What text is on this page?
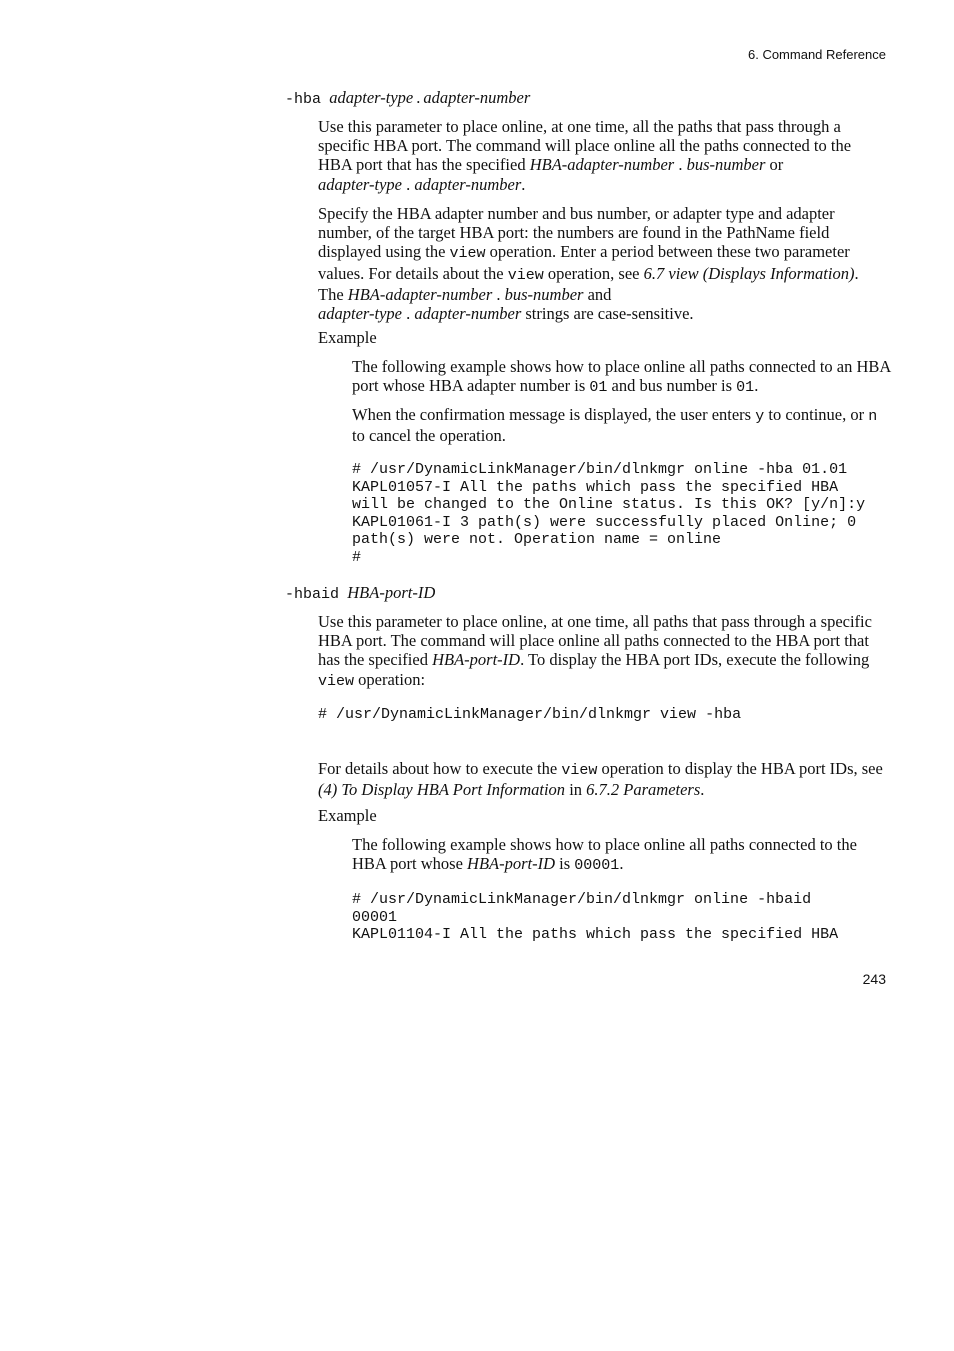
6. Command Reference
-hba adapter-type . adapter-number
Use this parameter to place online, at one time, all the paths that pass through a specific HBA port. The command will place online all the paths connected to the HBA port that has the specified HBA-adapter-number . bus-number or
adapter-type . adapter-number.
Specify the HBA adapter number and bus number, or adapter type and adapter number, of the target HBA port: the numbers are found in the PathName field displayed using the view operation. Enter a period between these two parameter values. For details about the view operation, see 6.7 view (Displays Information). The HBA-adapter-number . bus-number and
adapter-type . adapter-number strings are case-sensitive.
Example
The following example shows how to place online all paths connected to an HBA port whose HBA adapter number is 01 and bus number is 01.
When the confirmation message is displayed, the user enters y to continue, or n to cancel the operation.
# /usr/DynamicLinkManager/bin/dlnkmgr online -hba 01.01
KAPL01057-I All the paths which pass the specified HBA
will be changed to the Online status. Is this OK? [y/n]:y
KAPL01061-I 3 path(s) were successfully placed Online; 0
path(s) were not. Operation name = online
#
-hbaid HBA-port-ID
Use this parameter to place online, at one time, all paths that pass through a specific HBA port. The command will place online all paths connected to the HBA port that has the specified HBA-port-ID. To display the HBA port IDs, execute the following view operation:
# /usr/DynamicLinkManager/bin/dlnkmgr view -hba
For details about how to execute the view operation to display the HBA port IDs, see (4) To Display HBA Port Information in 6.7.2 Parameters.
Example
The following example shows how to place online all paths connected to the HBA port whose HBA-port-ID is 00001.
# /usr/DynamicLinkManager/bin/dlnkmgr online -hbaid
00001
KAPL01104-I All the paths which pass the specified HBA
243
